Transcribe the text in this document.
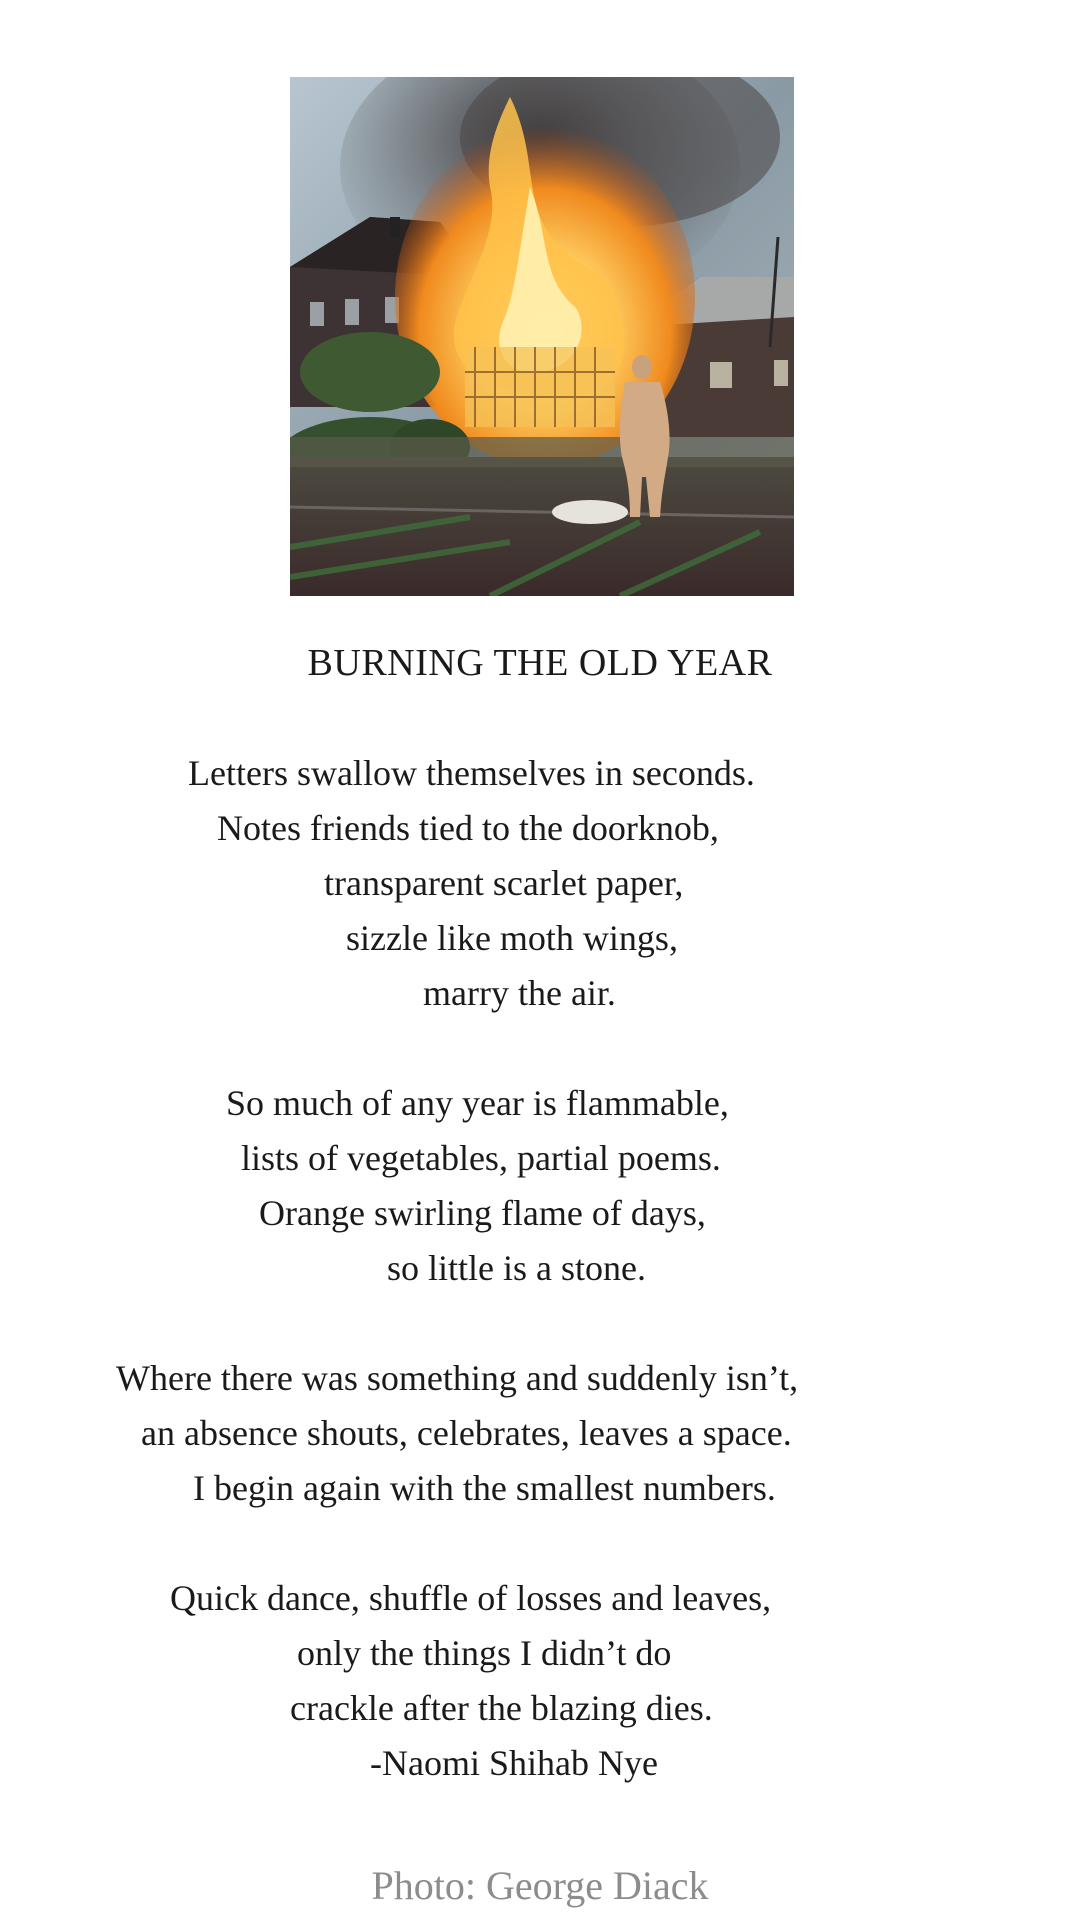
BURNING THE OLD YEAR
Letters swallow themselves in seconds.
Notes friends tied to the doorknob,
transparent scarlet paper,
sizzle like moth wings,
marry the air.
So much of any year is flammable,
lists of vegetables, partial poems.
Orange swirling flame of days,
so little is a stone.
Where there was something and suddenly isn’t,
an absence shouts, celebrates, leaves a space.
I begin again with the smallest numbers.
Quick dance, shuffle of losses and leaves,
only the things I didn’t do
crackle after the blazing dies.
-Naomi Shihab Nye
Photo: George Diack
